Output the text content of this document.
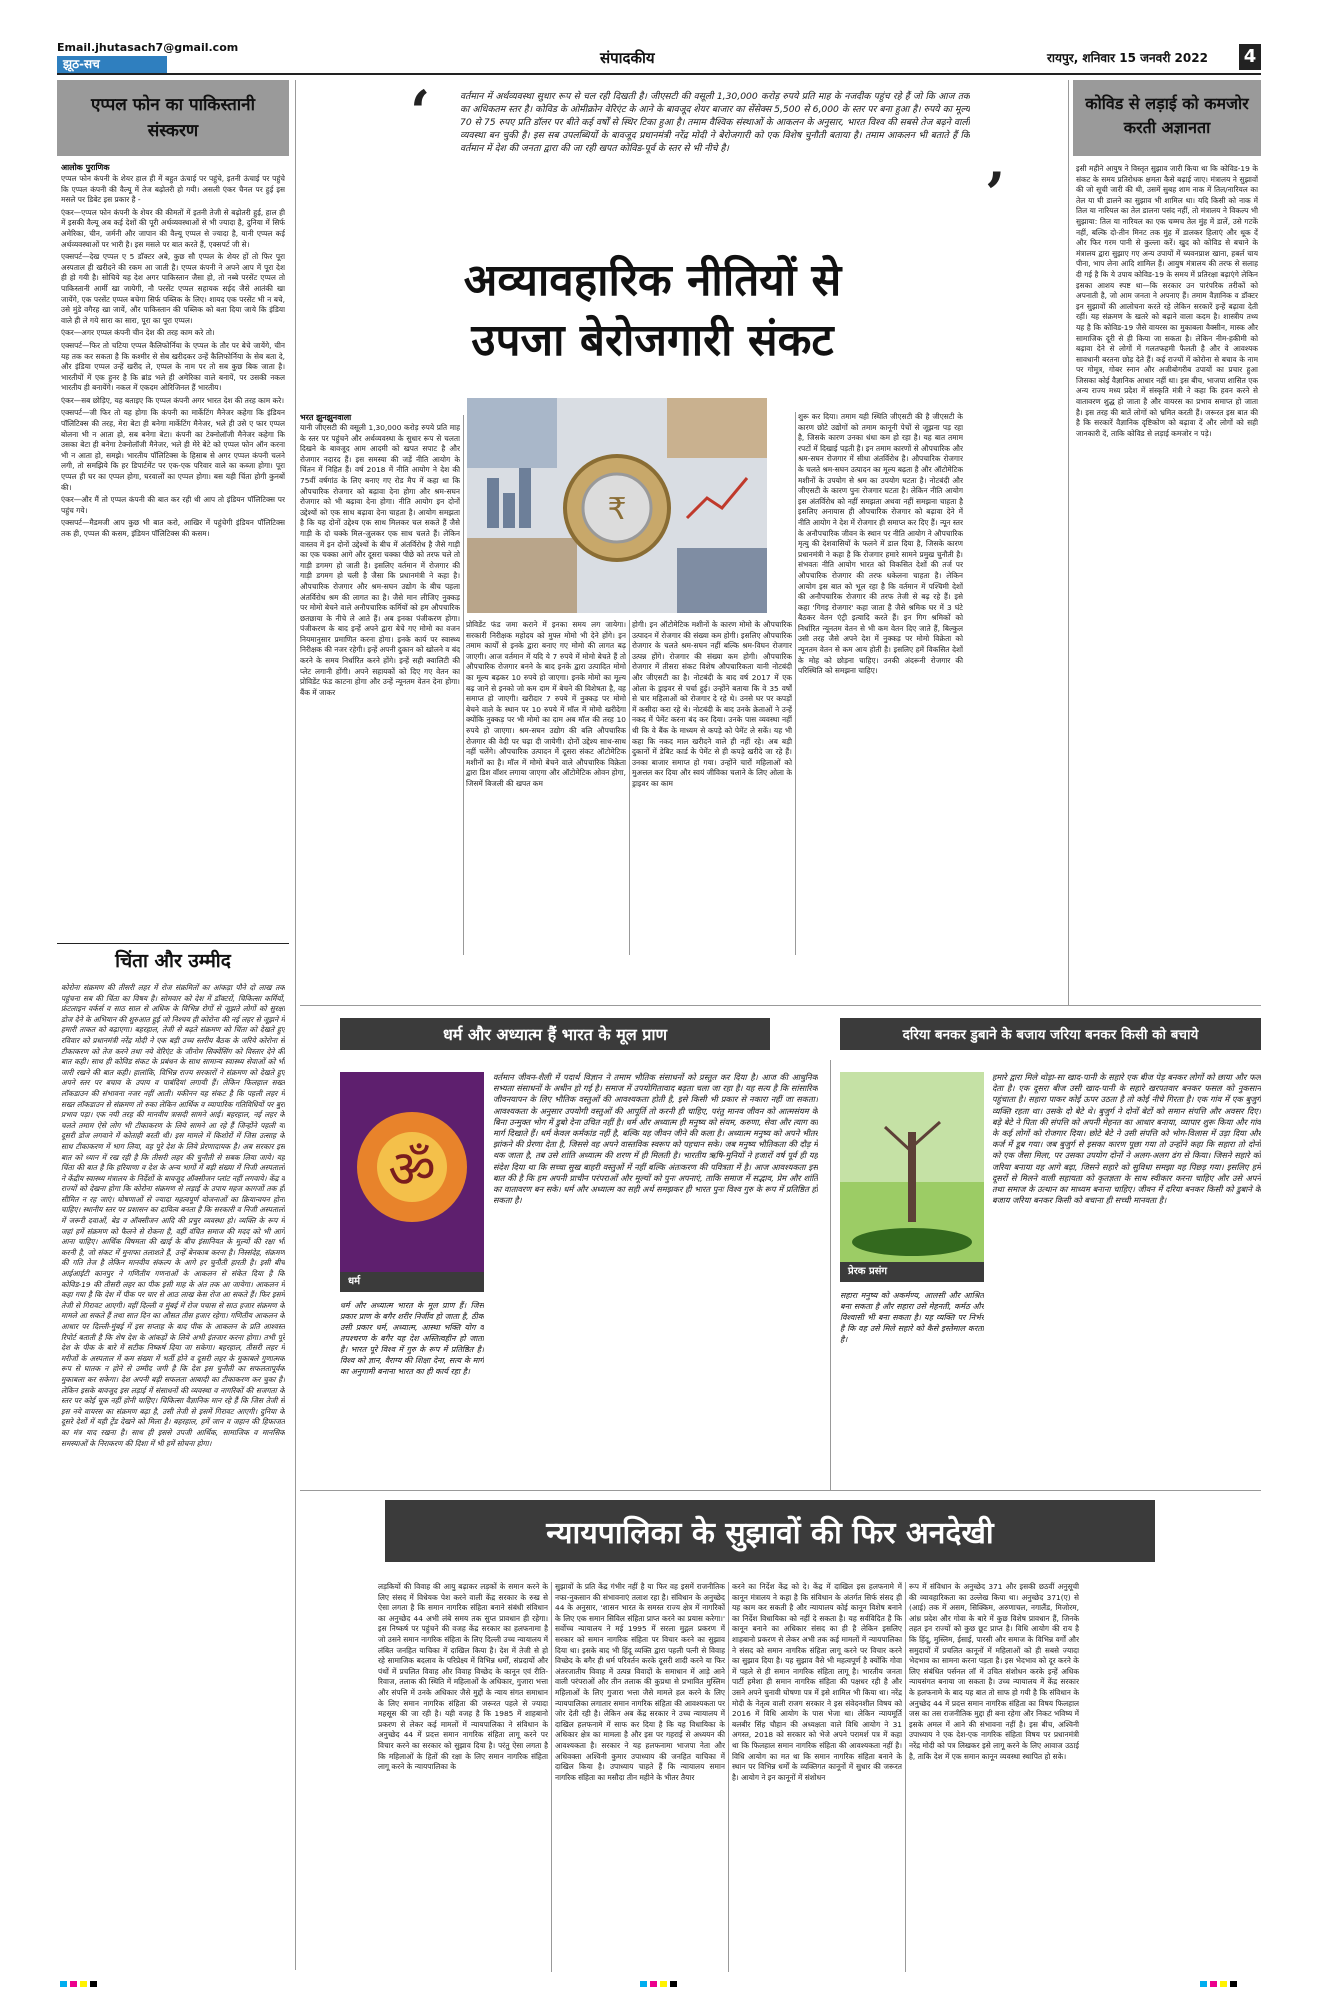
Email.jhutasach7@gmail.com
झूठ-सच	संपादकीय	रायपुर, शनिवार 15 जनवरी 2022 4
एप्पल फोन का पाकिस्तानी संस्करण
आलोक पुराणिक

एप्पल फोन कंपनी के शेयर हाल ही में बहुत ऊंचाई पर पहुंचे, इतनी ऊंचाई पर पहुंचे कि एप्पल कंपनी की वैल्यू में तेज बढ़ोतरी हो गयी। असली एंकर चैनल पर हुई इस मसले पर डिबेट इस प्रकार है -

एंकर—एप्पल फोन कंपनी के शेयर की कीमतों में इतनी तेजी से बढ़ोतरी हुई, हाल ही में इसकी वैल्यू अब कई देशों की पूरी अर्थव्यवस्थाओं से भी ज्यादा है, दुनिया में सिर्फ अमेरिका, चीन, जर्मनी और जापान की वैल्यू एप्पल से ज्यादा है, यानी एप्पल कई अर्थव्यवस्थाओं पर भारी है। इस मसले पर बात करते हैं, एक्सपर्ट जी से।

एक्सपर्ट—देख एप्पल ए 5 डॉक्टर अबे, कुछ सौ एप्पल के शेयर हों तो फिर पूरा अस्पताल ही खरीदने की रकम आ जाती है। एप्पल कंपनी ने अपने आप में पूरा देश ही हो गयी है। सोचिये यह देश अगर पाकिस्तान जैसा हो, तो नब्बे परसेंट एप्पल तो पाकिस्तानी आर्मी खा जायेगी, नौ परसेंट एप्पल सहायक सईद जैसे आतंकी खा जायेंगे, एक परसेंट एप्पल बचेगा सिर्फ पब्लिक के लिए। शायद एक परसेंट भी न बचे, उसे मुंडे वगैरह खा जायें, और पाकिस्तान की पब्लिक को बता दिया जाये कि इंडिया वाले ही ले गये सारा का सारा, पूरा का पूरा एप्पल।

एंकर—अगर एप्पल कंपनी चीन देश की तरह काम करे तो।

एक्सपर्ट—फिर तो चटिया एप्पल कैलिफोर्निया के एप्पल के तौर पर बेचे जायेंगे, चीन यह तक कर सकता है कि कश्मीर से सेब खरीदकर उन्हें कैलिफोर्निया के सेब बता दे, और इंडिया एप्पल उन्हें खरीद ले, एप्पल के नाम पर तो सब कुछ बिक जाता है। भारतीयों में एक हुनर है कि ब्रांड भले ही अमेरिका वाले बनायें, पर उसकी नकल भारतीय ही बनायेंगे। नकल में एकदम ओरिजिनल हैं भारतीय।

एंकर—सब छोड़िए, यह बताइए कि एप्पल कंपनी अगर भारत देश की तरह काम करे।

एक्सपर्ट—जी फिर तो यह होगा कि कंपनी का मार्केटिंग मैनेजर कहेगा कि इंडियन पॉलिटिक्स की तरह, मेरा बेटा ही बनेगा मार्केटिंग मैनेजर, भले ही उसे ए फार एप्पल बोलना भी न आता हो, सब बनेगा बेटा। कंपनी का टेक्नोलॉजी मैनेजर कहेगा कि उसका बेटा ही बनेगा टेक्नोलॉजी मैनेजर, भले ही मेरे बेटे को एप्पल फोन ऑन करना भी न आता हो, समझे। भारतीय पॉलिटिक्स के हिसाब से अगर एप्पल कंपनी चलने लगी, तो समझिये कि हर डिपार्टमेंट पर एक-एक परिवार वाले का कब्जा होगा। पूरा एप्पल ही घर का एप्पल होगा, घरवालों का एप्पल होगा। बस यही चिंता होगी कुनबों की।

एंकर—और मैं तो एप्पल कंपनी की बात कर रही थी आप तो इंडियन पॉलिटिक्स पर पहुंच गये।

एक्सपर्ट—मैडमजी आप कुछ भी बात करो, आखिर में पहुंचेगी इंडियन पॉलिटिक्स तक ही, एप्पल की कसम, इंडियन पॉलिटिक्स की कसम।

चिंता और उम्मीद
कोरोना संक्रमण की तीसरी लहर में रोज संक्रमितों का आंकड़ा पौने दो लाख तक पहुंचना सब की चिंता का विषय है। सोमवार को देश में डॉक्टरों, चिकित्सा कर्मियों, फ्रंटलाइन वर्कर्स व साठ साल से अधिक के विभिन्न रोगों से जूझते लोगों को सुरक्षा डोज देने के अभियान की शुरुआत हुई जो निश्चय ही कोरोना की नई लहर से जूझने में हमारी ताकत को बढ़ाएगा। बहरहाल, तेजी से बढ़ते संक्रमण को चिंता को देखते हुए रविवार को प्रधानमंत्री नरेंद्र मोदी ने एक बड़ी उच्च स्तरीय बैठक के जरिये कोरोना से टीकाकरण को तेज करने तथा नये वेरिएंट के जीनोम सिक्वेंसिंग को विस्तार देने की बात कही। साथ ही कोविड संकट के प्रबंधन के साथ सामान्य स्वास्थ्य सेवाओं को भी जारी रखने की बात कही। हालांकि, विभिन्न राज्य सरकारों ने संक्रमण को देखते हुए अपने स्तर पर बचाव के उपाय व पाबंदियां लगायी हैं। लेकिन फिलहाल सख्त लॉकडाउन की संभावना नजर नहीं आती। यकीनन यह संकट है कि पहली लहर में सख्त लॉकडाउन से संक्रमण तो रुका लेकिन आर्थिक व व्यापारिक गतिविधियों पर बुरा प्रभाव पड़ा। एक नयी तरह की मानवीय त्रासदी सामने आई। बहरहाल, नई लहर के चलते तमाम ऐसे लोग भी टीकाकरण के लिये सामने आ रहे हैं जिन्होंने पहली या दूसरी डोज लगवाने में कोताही बरती थी। इस मामले में किशोरों में जिस उत्साह के साथ टीकाकरण में भाग लिया, वह पूरे देश के लिये प्रेरणादायक है। अब सरकार इस बात को ध्यान में रख रही है कि तीसरी लहर की चुनौती से सबक लिया जाये। यह चिंता की बात है कि हरियाणा व देश के अन्य भागों में बड़ी संख्या में निजी अस्पतालों ने केंद्रीय स्वास्थ्य मंत्रालय के निर्देशों के बावजूद ऑक्सीजन प्लांट नहीं लगवाये। केंद्र व राज्यों को देखना होगा कि कोरोना संक्रमण से लड़ाई के उपाय महज कागजों तक ही सीमित न रह जाएं। घोषणाओं से ज्यादा महत्वपूर्ण योजनाओं का क्रियान्वयन होना चाहिए। स्थानीय स्तर पर प्रशासन का दायित्व बनता है कि सरकारी व निजी अस्पतालों में जरूरी दवाओं, बेड व ऑक्सीजन आदि की प्रचुर व्यवस्था हो। व्यक्ति के रूप में जहां हमें संक्रमण को फैलने से रोकना है, वहीं वंचित समाज की मदद को भी आगे आना चाहिए। आर्थिक विषमता की खाई के बीच इंसानियत के मूल्यों की रक्षा भी करनी है, जो संकट में मुनाफा तलाशते हैं, उन्हें बेनकाब करना है। निस्संदेह, संक्रमण की गति तेज है लेकिन मानवीय संकल्प के आगे हर चुनौती हारती है। इसी बीच आईआईटी कानपुर ने गणितीय गणनाओं के आकलन से संकेत दिया है कि कोविड-19 की तीसरी लहर का पीक इसी माह के अंत तक आ जायेगा। आकलन में कहा गया है कि देश में पीक पर चार से आठ लाख केस रोज आ सकते हैं। फिर इसमें तेजी से गिरावट आएगी। वहीं दिल्ली व मुंबई में रोज पचास से साठ हजार संक्रमण के मामले आ सकते हैं तथा सात दिन का औसत तीस हजार रहेगा। गणितीय आकलन के आधार पर दिल्ली-मुंबई में इस सप्ताह के बाद पीक के आकलन के प्रति आश्वस्त रिपोर्ट बताती है कि शेष देश के आंकड़ों के लिये अभी इंतजार करना होगा। तभी पूरे देश के पीक के बारे में सटीक निष्कर्ष दिया जा सकेगा। बहरहाल, तीसरी लहर में मरीजों के अस्पताल में कम संख्या में भर्ती होने व दूसरी लहर के मुकाबले गुणात्मक रूप से घातक न होने से उम्मीद जगी है कि देश इस चुनौती का सफलतापूर्वक मुकाबला कर सकेगा। देश अपनी बड़ी सफलता आबादी का टीकाकरण कर चुका है। लेकिन इसके बावजूद इस लड़ाई में संसाधनों की व्यवस्था व नागरिकों की सजगता के स्तर पर कोई चूक नहीं होनी चाहिए। चिकित्सा वैज्ञानिक मान रहे हैं कि जिस तेजी से इस नये वायरस का संक्रमण बढ़ा है, उसी तेजी से इसमें गिरावट आएगी। दुनिया के दूसरे देशों में यही ट्रेंड देखने को मिला है। बहरहाल, हमें जान व जहान की हिफाजत का मंत्र याद रखना है। साथ ही इससे उपजी आर्थिक, सामाजिक व मानसिक समस्याओं के निराकरण की दिशा में भी हमें सोचना होगा।
‘	वर्तमान में अर्थव्यवस्था सुधार रूप से चल रही दिखती है। जीएसटी की वसूली 1,30,000 करोड़ रुपये प्रति माह के नजदीक पहुंच रहे हैं जो कि आज तक का अधिकतम स्तर है। कोविड के ओमीक्रोन वेरिएंट के आने के बावजूद शेयर बाजार का सेंसेक्स 5,500 से 6,000 के स्तर पर बना हुआ है। रुपये का मूल्य 70 से 75 रुपए प्रति डॉलर पर बीते कई वर्षों से स्थिर टिका हुआ है। तमाम वैश्विक संस्थाओं के आकलन के अनुसार, भारत विश्व की सबसे तेज बढ़ने वाली व्यवस्था बन चुकी है। इस सब उपलब्धियों के बावजूद प्रधानमंत्री नरेंद्र मोदी ने बेरोजगारी को एक विशेष चुनौती बताया है। तमाम आकलन भी बताते हैं कि वर्तमान में देश की जनता द्वारा की जा रही खपत कोविड-पूर्व के स्तर से भी नीचे है।
’
अव्यावहारिक नीतियों से
उपजा बेरोजगारी संकट
₹
भरत झुनझुनवाला
यानी जीएसटी की वसूली 1,30,000 करोड़ रुपये प्रति माह के स्तर पर पहुंचने और अर्थव्यवस्था के सुधार रूप से चलता दिखने के बावजूद आम आदमी को खपत सपाट है और रोजगार नदारद हैं। इस समस्या की जड़ें नीति आयोग के चिंतन में निहित हैं। वर्ष 2018 में नीति आयोग ने देश की 75वीं वर्षगांठ के लिए बनाए गए रोड मैप में कहा था कि औपचारिक रोजगार को बढ़ावा देना होगा और श्रम-सघन रोजगार को भी बढ़ावा देना होगा। नीति आयोग इन दोनों उद्देश्यों को एक साथ बढ़ावा देना चाहता है। आयोग समझता है कि यह दोनों उद्देश्य एक साथ मिलकर चल सकते हैं जैसे गाड़ी के दो चक्के मिल-जुलकर एक साथ चलते हैं। लेकिन वास्तव में इन दोनों उद्देश्यों के बीच में अंतर्विरोध है जैसे गाड़ी का एक चक्का आगे और दूसरा चक्का पीछे को तरफ चले तो गाड़ी डगमग हो जाती है। इसलिए वर्तमान में रोजगार की गाड़ी डगमग हो चली है जैसा कि प्रधानमंत्री ने कहा है। औपचारिक रोजगार और श्रम-सघन उद्योग के बीच पहला अंतर्विरोध श्रम की लागत का है। जैसे मान लीजिए नुक्कड़ पर मोमो बेचने वाले अनौपचारिक कर्मियों को हम औपचारिक छतछाया के नीचे ले आते हैं। अब इनका पंजीकरण होगा। पंजीकरण के बाद इन्हें अपने द्वारा बेचे गए मोमो का वजन नियमानुसार प्रमाणित करना होगा। इनके कार्य पर स्वास्थ्य निरीक्षक की नजर रहेगी। इन्हें अपनी दुकान को खोलने व बंद करने के समय निर्धारित करने होंगे। इन्हें सही क्वालिटी की प्लेट लगानी होंगी। अपने सहायकों को दिए गए वेतन का प्रोविडेंट फंड काटना होगा और उन्हें न्यूनतम वेतन देना होगा। बैंक में जाकर
प्रोविडेंट फंड जमा कराने में इनका समय लग जायेगा। सरकारी निरीक्षक महोदय को मुफ्त मोमो भी देने होंगे। इन तमाम कार्यों से इनके द्वारा बनाए गए मोमो की लागत बढ़ जाएगी। आज वर्तमान में यदि ये 7 रुपये में मोमो बेचते हैं तो औपचारिक रोजगार बनने के बाद इनके द्वारा उत्पादित मोमो का मूल्य बढ़कर 10 रुपये हो जाएगा। इनके मोमो का मूल्य बढ़ जाने से इनको जो कम दाम में बेचने की विशेषता है, वह समाप्त हो जाएगी। खरीदार 7 रुपये में नुक्कड़ पर मोमो बेचने वाले के स्थान पर 10 रुपये में मॉल में मोमो खरीदेगा क्योंकि नुक्कड़ पर भी मोमो का दाम अब मॉल की तरह 10 रुपये हो जाएगा। श्रम-सघन उद्योग की बलि औपचारिक रोजगार की वेदी पर चढ़ा दी जायेगी। दोनों उद्देश्य साथ-साथ नहीं चलेंगे। औपचारिक उत्पादन में दूसरा संकट ऑटोमेटिक मशीनों का है। मॉल में मोमो बेचने वाले औपचारिक विक्रेता द्वारा डिश वॉशर लगाया जाएगा और ऑटोमेटिक ओवन होगा, जिसमें बिजली की खपत कम
होगी। इन ऑटोमेटिक मशीनों के कारण मोमो के औपचारिक उत्पादन में रोजगार की संख्या कम होगी। इसलिए औपचारिक रोजगार के चलते श्रम-सघन नहीं बल्कि श्रम-विघन रोजगार उत्पन्न होंगे। रोजगार की संख्या कम होगी। औपचारिक रोजगार में तीसरा संकट विशेष औपचारिकता यानी नोटबंदी और जीएसटी का है। नोटबंदी के बाद वर्ष 2017 में एक ओला के ड्राइवर से चर्चा हुई। उन्होंने बताया कि वे 35 वर्षों से चार महिलाओं को रोजगार दे रहे थे। उनसे घर पर कपड़ों में कसीदा करा रहे थे। नोटबंदी के बाद उनके क्रेताओं ने उन्हें नकद में पेमेंट करना बंद कर दिया। उनके पास व्यवस्था नहीं थी कि वे बैंक के माध्यम से कपड़े को पेमेंट ले सकें। यह भी कहा कि नकद माल खरीदने वाले ही नहीं रहे। अब बड़ी दुकानों में डेबिट कार्ड के पेमेंट से ही कपड़े खरीदे जा रहे हैं। उनका बाजार समाप्त हो गया। उन्होंने चारों महिलाओं को मुअत्तल कर दिया और स्वयं जीविका चलाने के लिए ओला के ड्राइवर का काम
शुरू कर दिया। तमाम यही स्थिति जीएसटी की है जीएसटी के कारण छोटे उद्योगों को तमाम कानूनी पेचों से जूझना पड़ रहा है, जिसके कारण उनका धंधा कम हो रहा है। यह बात तमाम रपटों में दिखाई पड़ती है। इन तमाम कारणों से औपचारिक और श्रम-सघन रोजगार में सीधा अंतर्विरोध है। औपचारिक रोजगार के चलते श्रम-सघन उत्पादन का मूल्य बढ़ता है और ऑटोमेटिक मशीनों के उपयोग से श्रम का उपयोग घटता है। नोटबंदी और जीएसटी के कारण पुनः रोजगार घटता है। लेकिन नीति आयोग इस अंतर्विरोध को नहीं समझता अथवा नहीं समझना चाहता है इसलिए अनायास ही औपचारिक रोजगार को बढ़ावा देने में नीति आयोग ने देश में रोजगार ही समाप्त कर दिए हैं। न्यून स्तर के अनौपचारिक जीवन के स्थान पर नीति आयोग ने औपचारिक मृत्यु की देशवासियों के फलने में डाल दिया है, जिसके कारण प्रधानमंत्री ने कहा है कि रोजगार हमारे सामने प्रमुख चुनौती है। संभवतः नीति आयोग भारत को विकसित देशों की तर्ज पर औपचारिक रोजगार की तरफ धकेलना चाहता है। लेकिन आयोग इस बात को भूल रहा है कि वर्तमान में पश्चिमी देशों की अनौपचारिक रोजगार की तरफ तेजी से बढ़ रहे हैं। इसे कहा 'गिगइ रोजगार' कहा जाता है जैसे श्रमिक घर में 3 घंटे बैठकर वेतन एंट्री इत्यादि करते हैं। इन गिग श्रमिकों को निर्धारित न्यूनतम वेतन से भी कम वेतन दिए जाते हैं, बिल्कुल उसी तरह जैसे अपने देश में नुक्कड़ पर मोमो विक्रेता को न्यूनतम वेतन से कम आय होती है। इसलिए हमें विकसित देशों के मोह को छोड़ना चाहिए। उनकी अंदरूनी रोजगार की परिस्थिति को समझना चाहिए।
कोविड से लड़ाई को कमजोर करती अज्ञानता
इसी महीने आयुष ने विस्तृत सुझाव जारी किया था कि कोविड-19 के संकट के समय प्रतिरोधक क्षमता कैसे बढ़ाई जाए। मंत्रालय ने सुझावों की जो सूची जारी की थी, उसमें सुबह शाम नाक में तिल/नारियल का तेल या घी डालने का सुझाव भी शामिल था। यदि किसी को नाक में तिल या नारियल का तेल डालना पसंद नहीं, तो मंत्रालय ने विकल्प भी सुझाया: तिल या नारियल का एक चम्मच तेल मुंह में डालें, उसे गटकें नहीं, बल्कि दो-तीन मिनट तक मुंह में डालकर हिलाएं और थूक दें और फिर गरम पानी से कुल्ला करें। खुद को कोविड से बचाने के मंत्रालय द्वारा सुझाए गए अन्य उपायों में च्यवनप्राश खाना, हबर्ल चाय पीना, भाप लेना आदि शामिल हैं। आयुष मंत्रालय की तरफ से सलाह दी गई है कि ये उपाय कोविड-19 के समय में प्रतिरक्षा बढ़ाएंगे लेकिन इसका आशय स्पष्ट था—कि सरकार उन पारंपरिक तरीकों को अपनाती है, जो आम जनता ने अपनाए हैं। तमाम वैज्ञानिक व डॉक्टर इन सुझावों की आलोचना करते रहे लेकिन सरकारें इन्हें बढ़ावा देती रहीं। यह संक्रमण के खतरे को बढ़ाने वाला कदम है। शास्त्रीय तथ्य यह है कि कोविड-19 जैसे वायरस का मुकाबला वैक्सीन, मास्क और सामाजिक दूरी से ही किया जा सकता है। लेकिन नीम-हकीमी को बढ़ावा देने से लोगों में गलतफहमी फैलती है और वे आवश्यक सावधानी बरतना छोड़ देते हैं। कई राज्यों में कोरोना से बचाव के नाम पर गोमूत्र, गोबर स्नान और अजीबोगरीब उपायों का प्रचार हुआ जिसका कोई वैज्ञानिक आधार नहीं था। इस बीच, भाजपा शासित एक अन्य राज्य मध्य प्रदेश में संस्कृति मंत्री ने कहा कि हवन करने से वातावरण शुद्ध हो जाता है और वायरस का प्रभाव समाप्त हो जाता है। इस तरह की बातें लोगों को भ्रमित करती हैं। जरूरत इस बात की है कि सरकारें वैज्ञानिक दृष्टिकोण को बढ़ावा दें और लोगों को सही जानकारी दें, ताकि कोविड से लड़ाई कमजोर न पड़े।
धर्म और अध्यात्म हैं भारत के मूल प्राण	दरिया बनकर डुबाने के बजाय जरिया बनकर किसी को बचाये
ॐ
धर्म
धर्म और अध्यात्म भारत के मूल प्राण हैं। जिस प्रकार प्राण के बगैर शरीर निर्जीव हो जाता है, ठीक उसी प्रकार धर्म, अध्यात्म, आस्था भक्ति योग व तपश्चरण के बगैर यह देश अस्तित्वहीन हो जाता है। भारत पूरे विश्व में गुरु के रूप में प्रतिष्ठित है। विश्व को ज्ञान, वैराग्य की शिक्षा देना, सत्य के मार्ग का अनुगामी बनाना भारत का ही कार्य रहा है।
वर्तमान जीवन-शैली में पदार्थ विज्ञान ने तमाम भौतिक संसाधनों को प्रस्तुत कर दिया है। आज की आधुनिक सभ्यता संसाधनों के अधीन हो गई है। समाज में उपयोगितावाद बढ़ता चला जा रहा है। यह सत्य है कि सांसारिक जीवनयापन के लिए भौतिक वस्तुओं की आवश्यकता होती है, इसे किसी भी प्रकार से नकारा नहीं जा सकता। आवश्यकता के अनुसार उपयोगी वस्तुओं की आपूर्ति तो करनी ही चाहिए, परंतु मानव जीवन को आत्मसंयम के बिना उन्मुक्त भोग में डुबो देना उचित नहीं है। धर्म और अध्यात्म ही मनुष्य को संयम, करुणा, सेवा और त्याग का मार्ग दिखाते हैं। धर्म केवल कर्मकांड नहीं है, बल्कि यह जीवन जीने की कला है। अध्यात्म मनुष्य को अपने भीतर झांकने की प्रेरणा देता है, जिससे वह अपने वास्तविक स्वरूप को पहचान सके। जब मनुष्य भौतिकता की दौड़ में थक जाता है, तब उसे शांति अध्यात्म की शरण में ही मिलती है। भारतीय ऋषि-मुनियों ने हजारों वर्ष पूर्व ही यह संदेश दिया था कि सच्चा सुख बाहरी वस्तुओं में नहीं बल्कि अंतःकरण की पवित्रता में है। आज आवश्यकता इस बात की है कि हम अपनी प्राचीन परंपराओं और मूल्यों को पुनः अपनाएं, ताकि समाज में सद्भाव, प्रेम और शांति का वातावरण बन सके। धर्म और अध्यात्म का सही अर्थ समझकर ही भारत पुनः विश्व गुरु के रूप में प्रतिष्ठित हो सकता है।
प्रेरक प्रसंग
सहारा मनुष्य को अकर्मण्य, आलसी और आश्रित बना सकता है और सहारा उसे मेहनती, कर्मठ और विश्वासी भी बना सकता है। यह व्यक्ति पर निर्भर है कि वह उसे मिले सहारे को कैसे इस्तेमाल करता है।
हमारे द्वारा मिले थोड़ा-सा खाद-पानी के सहारे एक बीज पेड़ बनकर लोगों को छाया और फल देता है। एक दूसरा बीज उसी खाद-पानी के सहारे खरपतवार बनकर फसल को नुकसान पहुंचाता है। सहारा पाकर कोई ऊपर उठता है तो कोई नीचे गिरता है। एक गांव में एक बुजुर्ग व्यक्ति रहता था। उसके दो बेटे थे। बुजुर्ग ने दोनों बेटों को समान संपत्ति और अवसर दिए। बड़े बेटे ने पिता की संपत्ति को अपनी मेहनत का आधार बनाया, व्यापार शुरू किया और गांव के कई लोगों को रोजगार दिया। छोटे बेटे ने उसी संपत्ति को भोग-विलास में उड़ा दिया और कर्ज में डूब गया। जब बुजुर्ग से इसका कारण पूछा गया तो उन्होंने कहा कि सहारा तो दोनों को एक जैसा मिला, पर उसका उपयोग दोनों ने अलग-अलग ढंग से किया। जिसने सहारे को जरिया बनाया वह आगे बढ़ा, जिसने सहारे को सुविधा समझा वह पिछड़ गया। इसलिए हमें दूसरों से मिलने वाली सहायता को कृतज्ञता के साथ स्वीकार करना चाहिए और उसे अपने तथा समाज के उत्थान का माध्यम बनाना चाहिए। जीवन में दरिया बनकर किसी को डुबाने के बजाय जरिया बनकर किसी को बचाना ही सच्ची मानवता है।
न्यायपालिका के सुझावों की फिर अनदेखी
लड़कियों की विवाह की आयु बढ़ाकर लड़कों के समान करने के लिए संसद में विधेयक पेश करने वाली केंद्र सरकार के रुख से ऐसा लगता है कि समान नागरिक संहिता बनाने संबंधी संविधान का अनुच्छेद 44 अभी लंबे समय तक सुप्त प्रावधान ही रहेगा। इस निष्कर्ष पर पहुंचने की वजह केंद्र सरकार का हलफनामा है जो उसने समान नागरिक संहिता के लिए दिल्ली उच्च न्यायालय में लंबित जनहित याचिका में दाखिल किया है। देश में तेजी से हो रहे सामाजिक बदलाव के परिप्रेक्ष्य में विभिन्न धर्मों, संप्रदायों और पंथों में प्रचलित विवाह और विवाह विच्छेद के कानून एवं रीति-रिवाज, तलाक की स्थिति में महिलाओं के अधिकार, गुजारा भत्ता और संपत्ति में उनके अधिकार जैसे मुद्दों के न्याय संगत समाधान के लिए समान नागरिक संहिता की जरूरत पहले से ज्यादा महसूस की जा रही है। यही वजह है कि 1985 में शाहबानो प्रकरण से लेकर कई मामलों में न्यायपालिका ने संविधान के अनुच्छेद 44 में प्रदत्त समान नागरिक संहिता लागू करने पर विचार करने का सरकार को सुझाव दिया है। परंतु ऐसा लगता है कि महिलाओं के हितों की रक्षा के लिए समान नागरिक संहिता लागू करने के न्यायपालिका के
सुझावों के प्रति केंद्र गंभीर नहीं है या फिर वह इसमें राजनीतिक नफा-नुकसान की संभावनाएं तलाश रहा है। संविधान के अनुच्छेद 44 के अनुसार, 'शासन भारत के समस्त राज्य क्षेत्र में नागरिकों के लिए एक समान सिविल संहिता प्राप्त करने का प्रयास करेगा।' सर्वोच्च न्यायालय ने मई 1995 में सरला मुद्गल प्रकरण में सरकार को समान नागरिक संहिता पर विचार करने का सुझाव दिया था। इसके बाद भी हिंदू व्यक्ति द्वारा पहली पत्नी से विवाह विच्छेद के बगैर ही धर्म परिवर्तन करके दूसरी शादी करने या फिर अंतरजातीय विवाह में उत्पन्न विवादों के समाधान में आड़े आने वाली परंपराओं और तीन तलाक की कुप्रथा से प्रभावित मुस्लिम महिलाओं के लिए गुजारा भत्ता जैसे मामले हल करने के लिए न्यायपालिका लगातार समान नागरिक संहिता की आवश्यकता पर जोर देती रही है। लेकिन अब केंद्र सरकार ने उच्च न्यायालय में दाखिल हलफनामे में साफ कर दिया है कि यह विधायिका के अधिकार क्षेत्र का मामला है और इस पर गहराई से अध्ययन की आवश्यकता है। सरकार ने यह हलफनामा भाजपा नेता और अधिवक्ता अश्विनी कुमार उपाध्याय की जनहित याचिका में दाखिल किया है। उपाध्याय चाहते हैं कि न्यायालय समान नागरिक संहिता का मसौदा तीन महीने के भीतर तैयार
करने का निर्देश केंद्र को दे। केंद्र में दाखिल इस हलफनामे में कानून मंत्रालय ने कहा है कि संविधान के अंतर्गत सिर्फ संसद ही यह काम कर सकती है और न्यायालय कोई कानून विशेष बनाने का निर्देश विधायिका को नहीं दे सकता है। यह सर्वविदित है कि कानून बनाने का अधिकार संसद का ही है लेकिन इसलिए शाहबानो प्रकरण से लेकर अभी तक कई मामलों में न्यायपालिका ने संसद को समान नागरिक संहिता लागू करने पर विचार करने का सुझाव दिया है। यह सुझाव वैसे भी महत्वपूर्ण है क्योंकि गोवा में पहले से ही समान नागरिक संहिता लागू है। भारतीय जनता पार्टी हमेशा ही समान नागरिक संहिता की पक्षधर रही है और उसने अपने चुनावी घोषणा पत्र में इसे शामिल भी किया था। नरेंद्र मोदी के नेतृत्व वाली राजग सरकार ने इस संवेदनशील विषय को 2016 में विधि आयोग के पास भेजा था। लेकिन न्यायमूर्ति बलबीर सिंह चौहान की अध्यक्षता वाले विधि आयोग ने 31 अगस्त, 2018 को सरकार को भेजे अपने परामर्श पत्र में कहा था कि फिलहाल समान नागरिक संहिता की आवश्यकता नहीं है। विधि आयोग का मत था कि समान नागरिक संहिता बनाने के स्थान पर विभिन्न धर्मों के व्यक्तिगत कानूनों में सुधार की जरूरत है। आयोग ने इन कानूनों में संशोधन
रूप में संविधान के अनुच्छेद 371 और इसकी छठवीं अनुसूची की व्यावहारिकता का उल्लेख किया था। अनुच्छेद 371(ए) से (आई) तक में असम, सिक्किम, अरुणाचल, नगालैंड, मिजोरम, आंध्र प्रदेश और गोवा के बारे में कुछ विशेष प्रावधान हैं, जिनके तहत इन राज्यों को कुछ छूट प्राप्त है। विधि आयोग की राय है कि हिंदू, मुस्लिम, ईसाई, पारसी और समाज के विभिन्न वर्गों और समुदायों में प्रचलित कानूनों में महिलाओं को ही सबसे ज्यादा भेदभाव का सामना करना पड़ता है। इस भेदभाव को दूर करने के लिए संबंधित पर्सनल लॉ में उचित संशोधन करके इन्हें अधिक न्यायसंगत बनाया जा सकता है। उच्च न्यायालय में केंद्र सरकार के हलफनामे के बाद यह बात तो साफ हो गयी है कि संविधान के अनुच्छेद 44 में प्रदत्त समान नागरिक संहिता का विषय फिलहाल जस का तस राजनीतिक मुद्दा ही बना रहेगा और निकट भविष्य में इसके अमल में आने की संभावना नहीं है। इस बीच, अश्विनी उपाध्याय ने एक देश-एक नागरिक संहिता विषय पर प्रधानमंत्री नरेंद्र मोदी को पत्र लिखकर इसे लागू करने के लिए आवाज उठाई है, ताकि देश में एक समान कानून व्यवस्था स्थापित हो सके।
